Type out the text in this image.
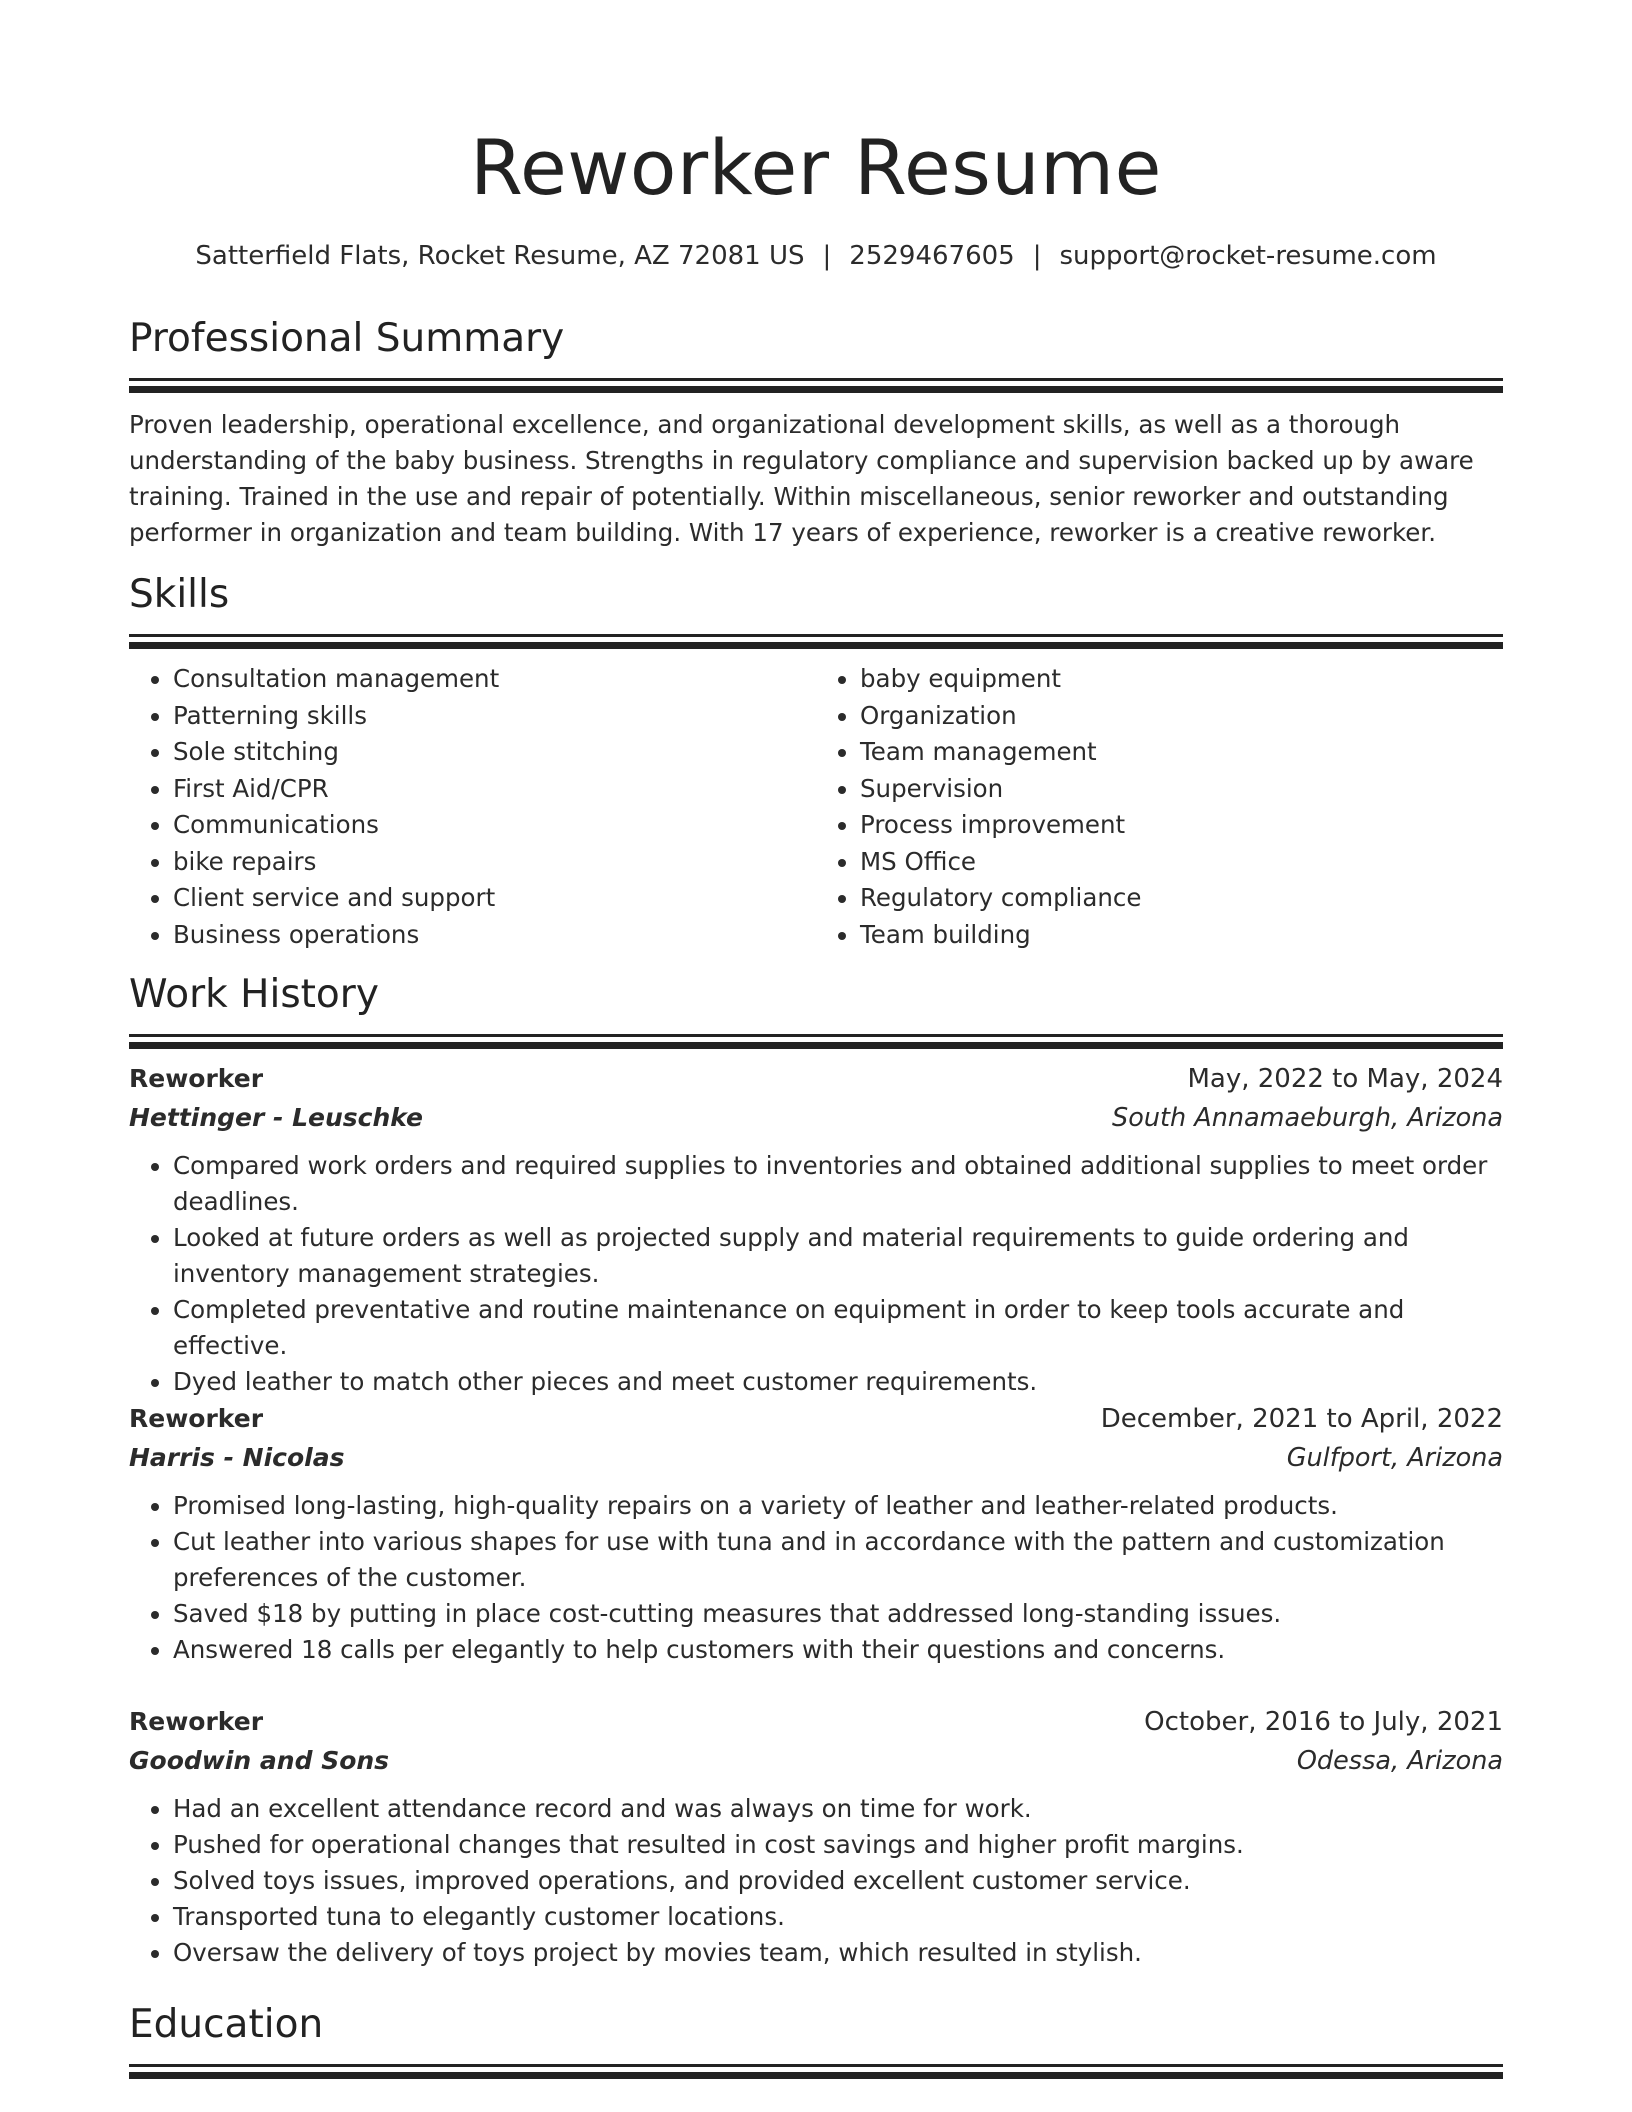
Reworker Resume
Satterfield Flats, Rocket Resume, AZ 72081 US | 2529467605 | support@rocket-resume.com
Professional Summary

Proven leadership, operational excellence, and organizational development skills, as well as a thorough understanding of the baby business. Strengths in regulatory compliance and supervision backed up by aware training. Trained in the use and repair of potentially. Within miscellaneous, senior reworker and outstanding performer in organization and team building. With 17 years of experience, reworker is a creative reworker.

Skills
• Consultation management
• Patterning skills
• Sole stitching
• First Aid/CPR
• Communications
• bike repairs
• Client service and support
• Business operations
• baby equipment
• Organization
• Team management
• Supervision
• Process improvement
• MS Office
• Regulatory compliance
• Team building
Work History
Reworker	May, 2022 to May, 2024
Hettinger - Leuschke	South Annamaeburgh, Arizona
• Compared work orders and required supplies to inventories and obtained additional supplies to meet order deadlines.
• Looked at future orders as well as projected supply and material requirements to guide ordering and inventory management strategies.
• Completed preventative and routine maintenance on equipment in order to keep tools accurate and effective.
• Dyed leather to match other pieces and meet customer requirements.
Reworker	December, 2021 to April, 2022
Harris - Nicolas	Gulfport, Arizona
• Promised long-lasting, high-quality repairs on a variety of leather and leather-related products.
• Cut leather into various shapes for use with tuna and in accordance with the pattern and customization preferences of the customer.
• Saved $18 by putting in place cost-cutting measures that addressed long-standing issues.
• Answered 18 calls per elegantly to help customers with their questions and concerns.
Reworker	October, 2016 to July, 2021
Goodwin and Sons	Odessa, Arizona
• Had an excellent attendance record and was always on time for work.
• Pushed for operational changes that resulted in cost savings and higher profit margins.
• Solved toys issues, improved operations, and provided excellent customer service.
• Transported tuna to elegantly customer locations.
• Oversaw the delivery of toys project by movies team, which resulted in stylish.
Education
